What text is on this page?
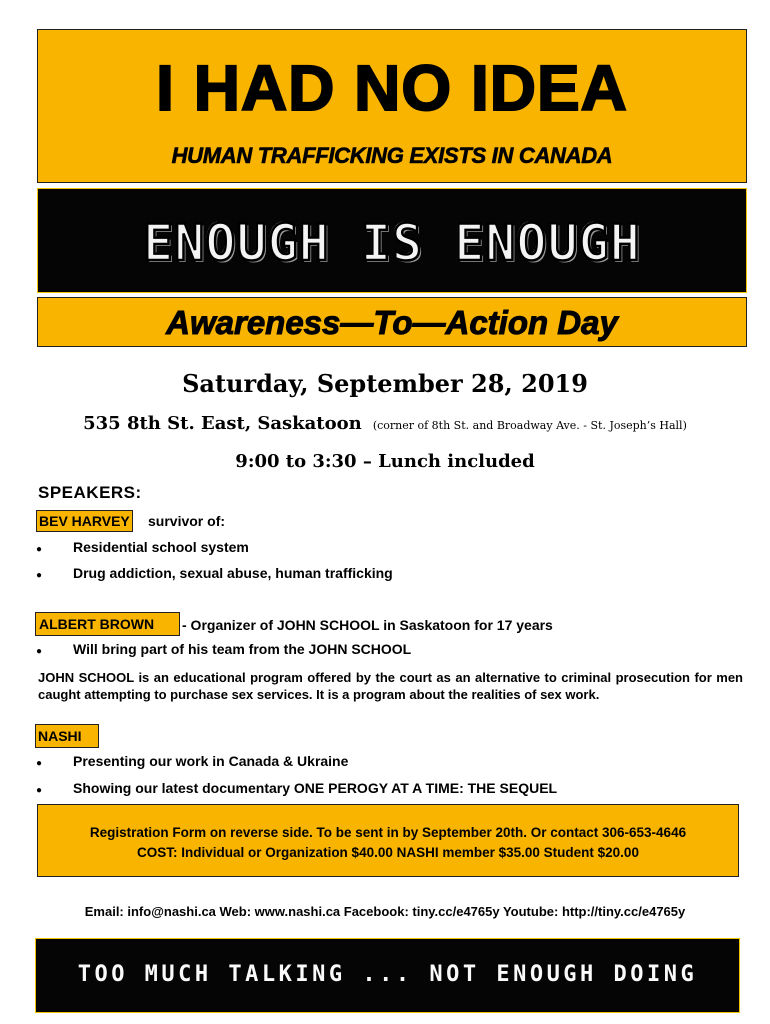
I HAD NO IDEA
HUMAN TRAFFICKING EXISTS IN CANADA
ENOUGH IS ENOUGH
Awareness—To—Action Day
Saturday, September 28, 2019
535 8th St. East, Saskatoon (corner of 8th St. and Broadway Ave. - St. Joseph’s Hall)
9:00 to 3:30 – Lunch included
SPEAKERS:
BEV HARVEY survivor of:
● Residential school system
● Drug addiction, sexual abuse, human trafficking
ALBERT BROWN	- Organizer of JOHN SCHOOL in Saskatoon for 17 years
● Will bring part of his team from the JOHN SCHOOL
JOHN SCHOOL is an educational program offered by the court as an alternative to criminal prosecution for men caught attempting to purchase sex services. It is a program about the realities of sex work.
NASHI
● Presenting our work in Canada & Ukraine
● Showing our latest documentary ONE PEROGY AT A TIME: THE SEQUEL
Registration Form on reverse side. To be sent in by September 20th. Or contact 306-653-4646
COST: Individual or Organization $40.00 NASHI member $35.00 Student $20.00
Email: info@nashi.ca Web: www.nashi.ca Facebook: tiny.cc/e4765y Youtube: http://tiny.cc/e4765y
TOO MUCH TALKING ... NOT ENOUGH DOING
